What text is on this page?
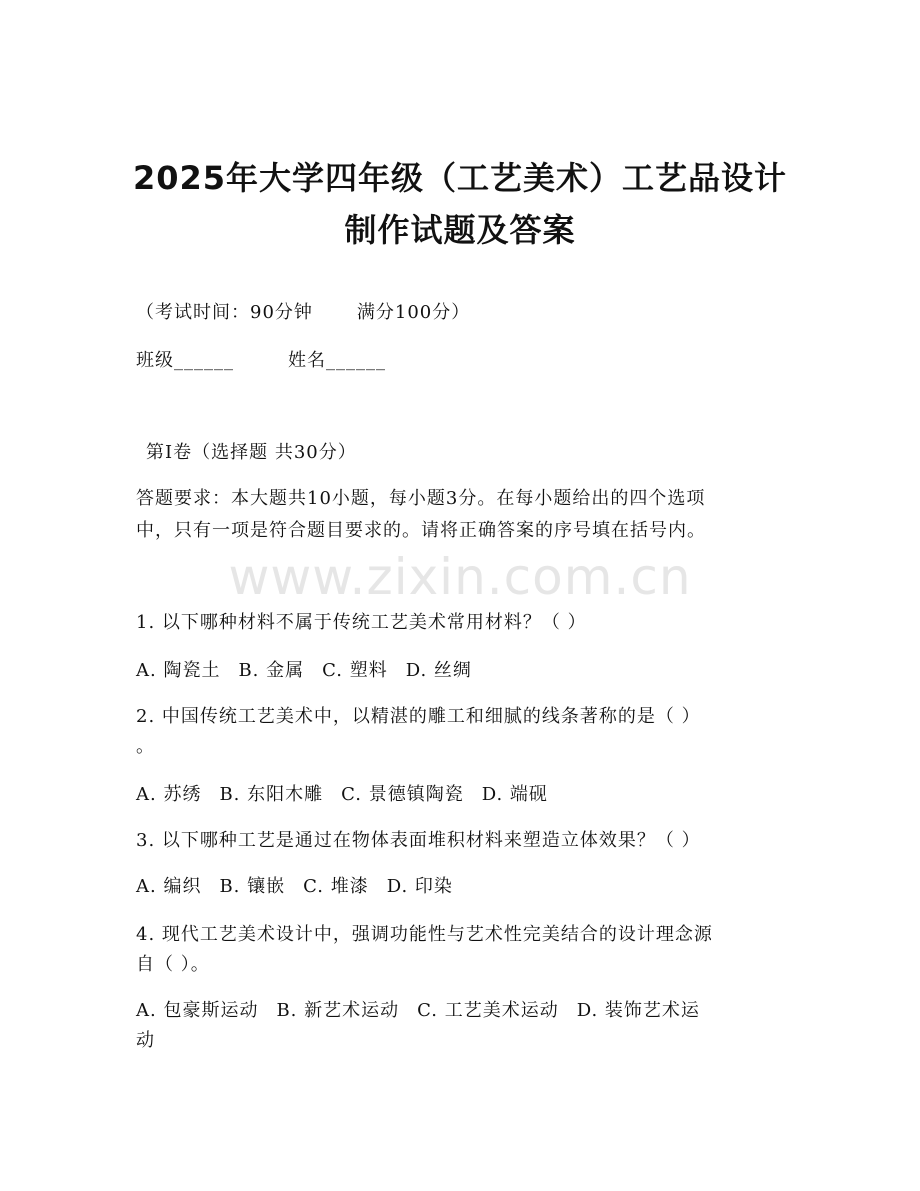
2025年大学四年级（工艺美术）工艺品设计
制作试题及答案
（考试时间：90分钟 满分100分）
班级______	姓名______
第I卷（选择题 共30分）
答题要求：本大题共10小题，每小题3分。在每小题给出的四个选项
中，只有一项是符合题目要求的。请将正确答案的序号填在括号内。
www.zixin.com.cn
1. 以下哪种材料不属于传统工艺美术常用材料？（ ）
A. 陶瓷土 B. 金属 C. 塑料 D. 丝绸
2. 中国传统工艺美术中，以精湛的雕工和细腻的线条著称的是（ ）
。
A. 苏绣 B. 东阳木雕 C. 景德镇陶瓷 D. 端砚
3. 以下哪种工艺是通过在物体表面堆积材料来塑造立体效果？（ ）
A. 编织 B. 镶嵌 C. 堆漆 D. 印染
4. 现代工艺美术设计中，强调功能性与艺术性完美结合的设计理念源
自（ ）。
A. 包豪斯运动 B. 新艺术运动 C. 工艺美术运动 D. 装饰艺术运
动
